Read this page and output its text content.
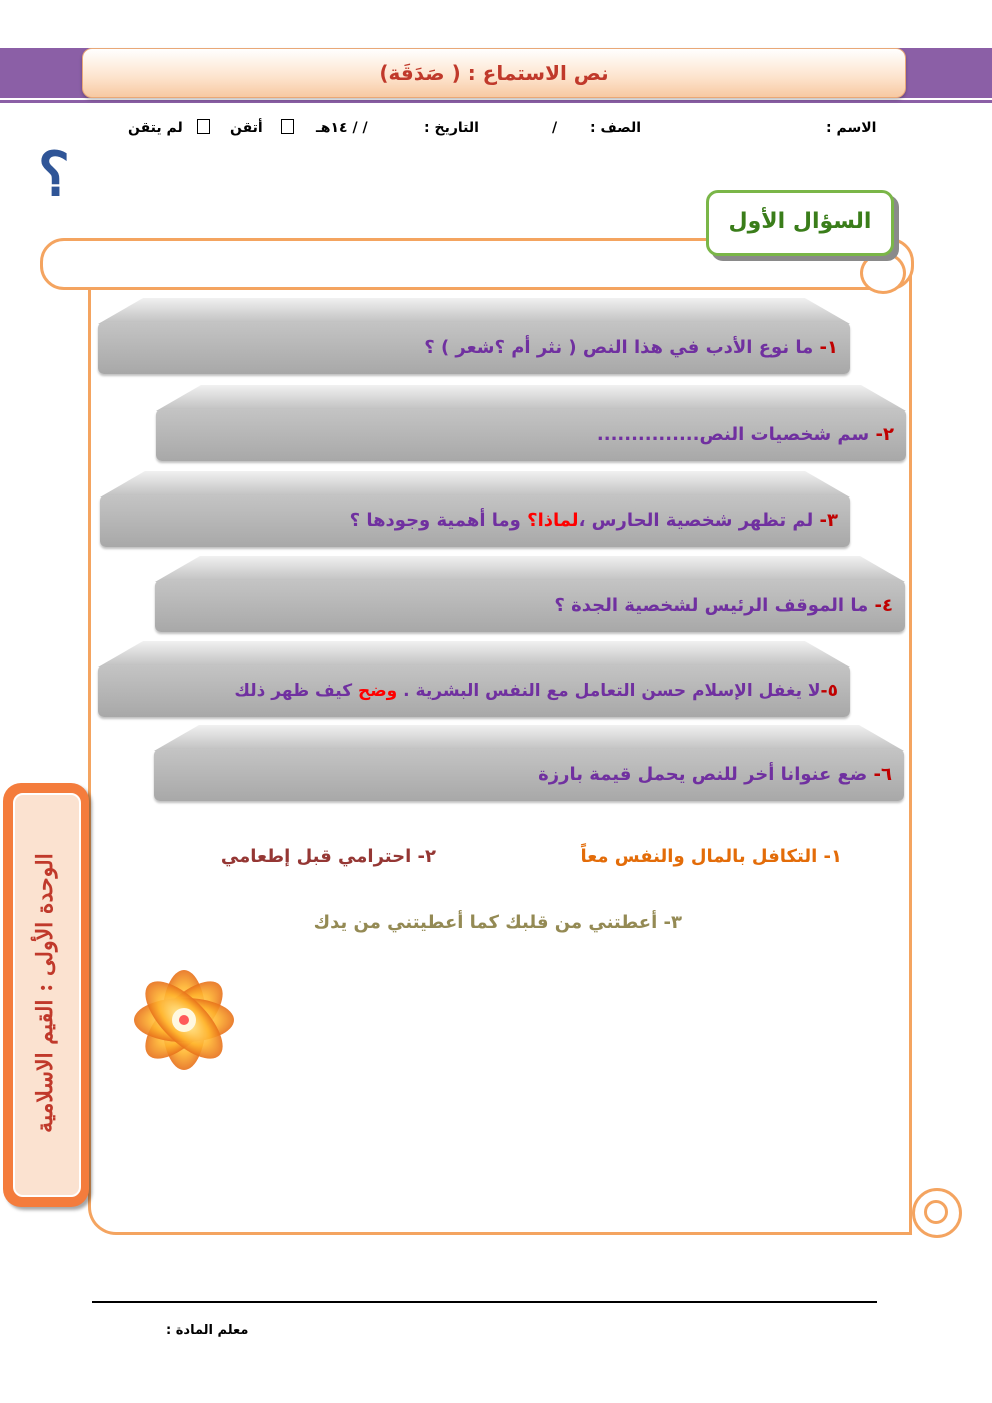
نص الاستماع : ( صَدَقَة)
الاسم :
الصف :
/
التاريخ :
/ / ١٤هـ
أتقن
لم يتقن
؟
السؤال الأول
١- ما نوع الأدب في هذا النص ( نثر أم ؟شعر ) ؟
٢- سم شخصيات النص...............
٣- لم تظهر شخصية الحارس ،لماذا؟ وما أهمية وجودها ؟
٤- ما الموقف الرئيس لشخصية الجدة ؟
٥-لا يغفل الإسلام حسن التعامل مع النفس البشرية . وضح كيف ظهر ذلك
٦- ضع عنوانا أخر للنص يحمل قيمة بارزة
الوحدة الأولى : القيم الاسلامية	١- التكافل بالمال والنفس معاً
٢- احترامي قبل إطعامي
٣- أعطتني من قلبك كما أعطيتني من يدك
معلم المادة :
